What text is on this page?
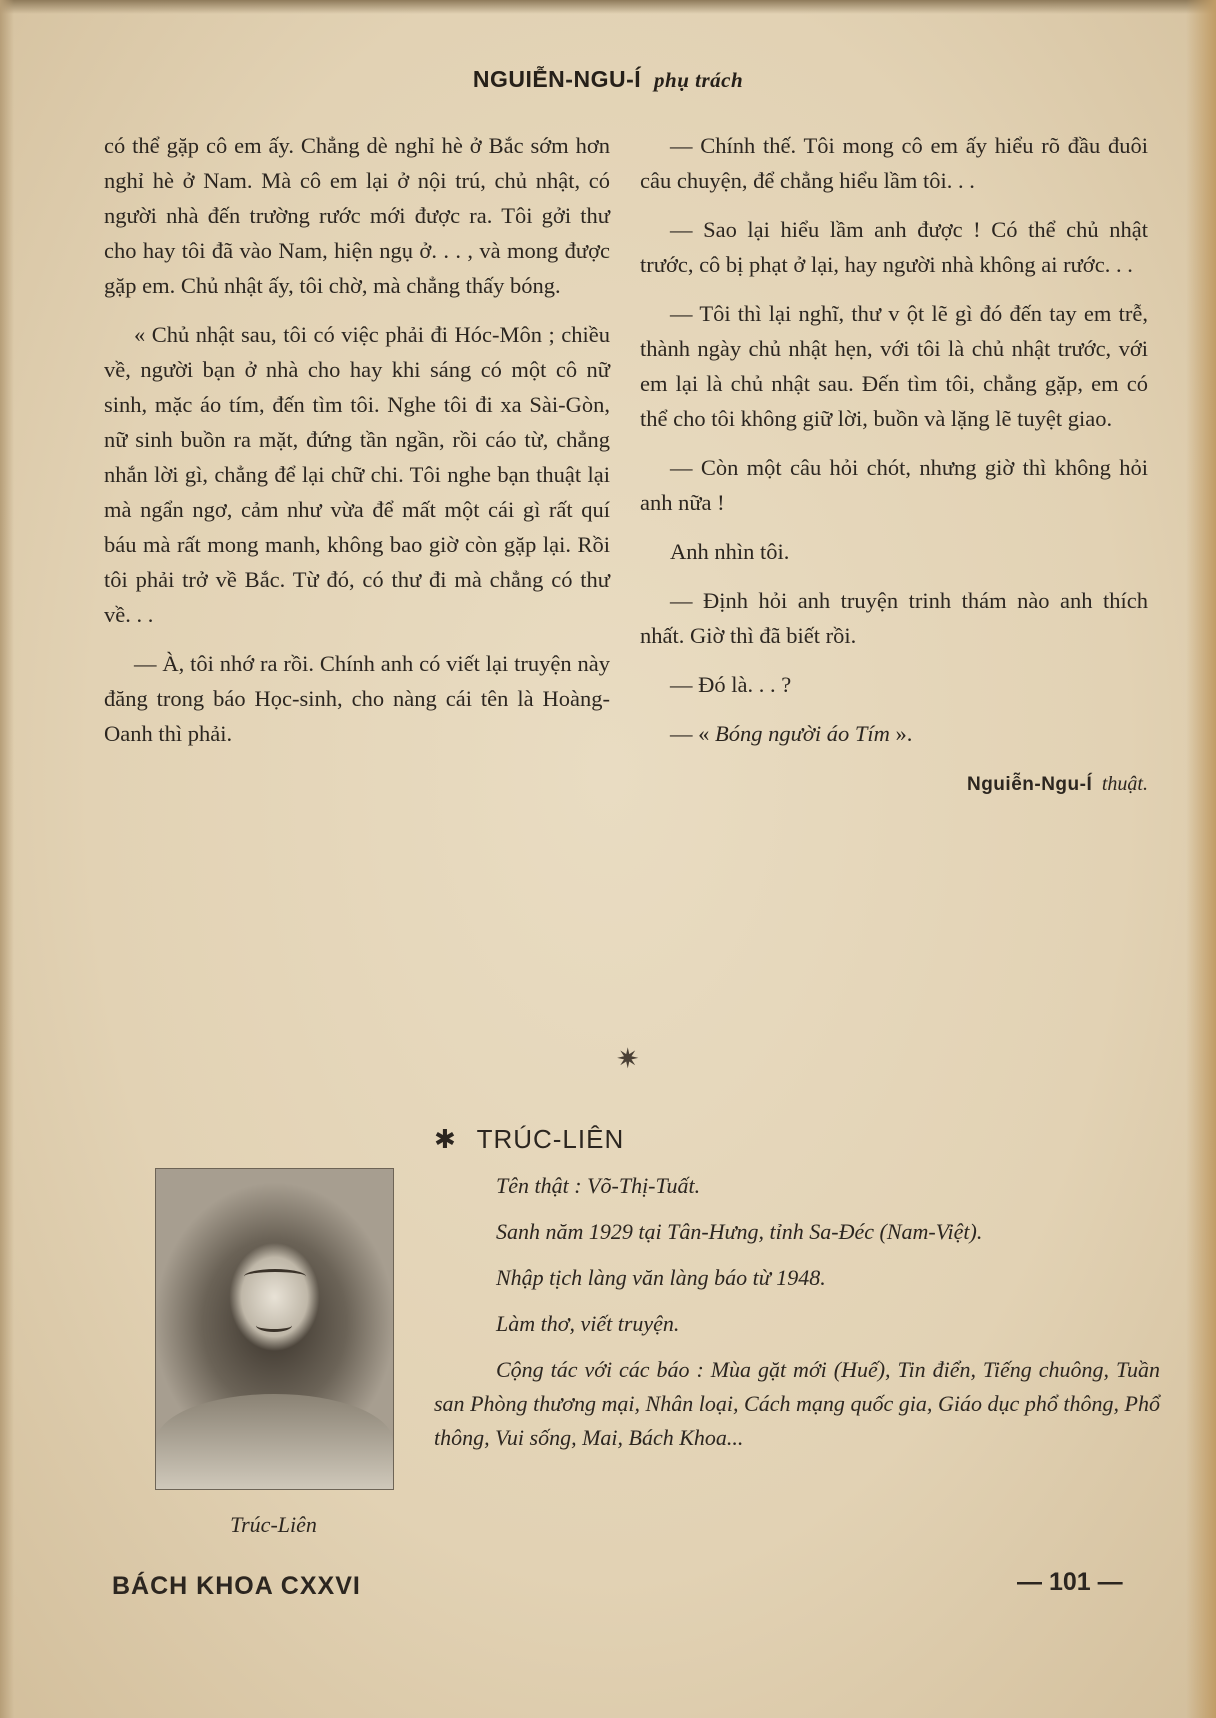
NGUIỄN-NGU-Í phụ trách

có thể gặp cô em ấy. Chẳng dè nghỉ hè ở Bắc sớm hơn nghỉ hè ở Nam. Mà cô em lại ở nội trú, chủ nhật, có người nhà đến trường rước mới được ra. Tôi gởi thư cho hay tôi đã vào Nam, hiện ngụ ở. . . , và mong được gặp em. Chủ nhật ấy, tôi chờ, mà chẳng thấy bóng.

« Chủ nhật sau, tôi có việc phải đi Hóc-Môn ; chiều về, người bạn ở nhà cho hay khi sáng có một cô nữ sinh, mặc áo tím, đến tìm tôi. Nghe tôi đi xa Sài-Gòn, nữ sinh buồn ra mặt, đứng tần ngần, rồi cáo từ, chẳng nhắn lời gì, chẳng để lại chữ chi. Tôi nghe bạn thuật lại mà ngẩn ngơ, cảm như vừa để mất một cái gì rất quí báu mà rất mong manh, không bao giờ còn gặp lại. Rồi tôi phải trở về Bắc. Từ đó, có thư đi mà chẳng có thư về. . .

— À, tôi nhớ ra rồi. Chính anh có viết lại truyện này đăng trong báo Học-sinh, cho nàng cái tên là Hoàng-Oanh thì phải.

— Chính thế. Tôi mong cô em ấy hiểu rõ đầu đuôi câu chuyện, để chẳng hiểu lầm tôi. . .

— Sao lại hiểu lầm anh được ! Có thể chủ nhật trước, cô bị phạt ở lại, hay người nhà không ai rước. . .

— Tôi thì lại nghĩ, thư v ột lẽ gì đó đến tay em trễ, thành ngày chủ nhật hẹn, với tôi là chủ nhật trước, với em lại là chủ nhật sau. Đến tìm tôi, chẳng gặp, em có thể cho tôi không giữ lời, buồn và lặng lẽ tuyệt giao.

— Còn một câu hỏi chót, nhưng giờ thì không hỏi anh nữa !

Anh nhìn tôi.

— Định hỏi anh truyện trinh thám nào anh thích nhất. Giờ thì đã biết rồi.

— Đó là. . . ?

— « Bóng người áo Tím ».

Nguiễn-Ngu-Í thuật.
✷
Trúc-Liên
✱ TRÚC-LIÊN

Tên thật : Võ-Thị-Tuất.

Sanh năm 1929 tại Tân-Hưng, tỉnh Sa-Đéc (Nam-Việt).

Nhập tịch làng văn làng báo từ 1948.

Làm thơ, viết truyện.

Cộng tác với các báo : Mùa gặt mới (Huế), Tin điển, Tiếng chuông, Tuần san Phòng thương mại, Nhân loại, Cách mạng quốc gia, Giáo dục phổ thông, Phổ thông, Vui sống, Mai, Bách Khoa...

BÁCH KHOA CXXVI	— 101 —
